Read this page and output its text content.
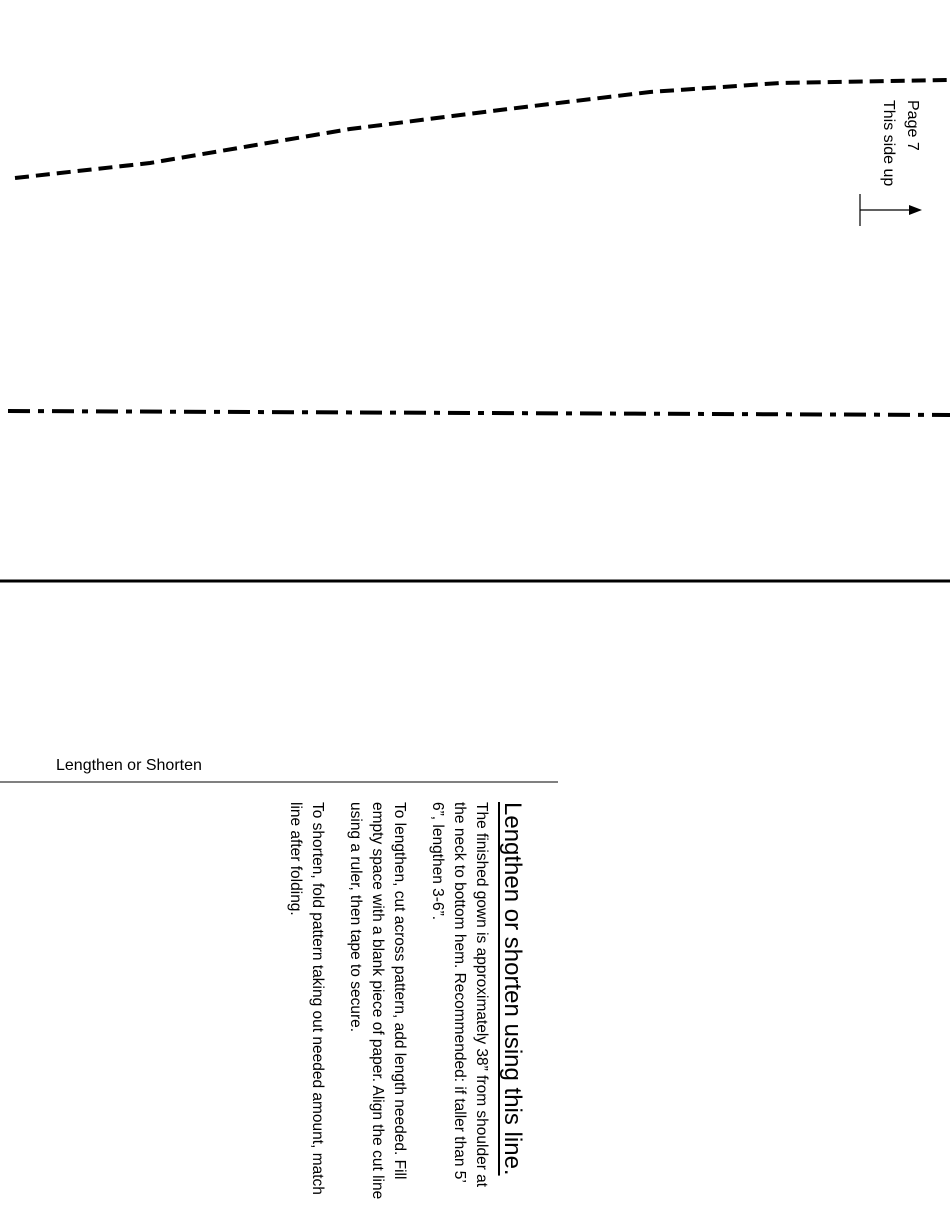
Page 7
This side up
Lengthen or Shorten
Lengthen or shorten using this line.

The finished gown is approximately 38” from shoulder at the neck to bottom hem. Recommended: if taller than 5’ 6”, lengthen 3-6”.

To lengthen, cut across pattern, add length needed. Fill empty space with a blank piece of paper. Align the cut line using a ruler, then tape to secure.

To shorten, fold pattern taking out needed amount, match line after folding.
